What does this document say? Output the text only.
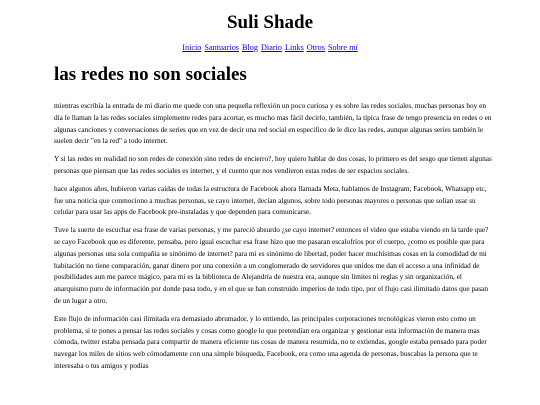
Suli Shade
Inicio Santuarios Blog Diario Links Otros Sobre mí
las redes no son sociales

mientras escribía la entrada de mi diario me quede con una pequeña reflexión un poco curiosa y es sobre las redes sociales, muchas personas hoy en día le llaman la las redes sociales simplemente redes para acortar, es mucho mas fácil decirlo, también, la típica frase de tengo presencia en redes o en algunas canciones y conversaciones de series que en vez de decir una red social en especifico de le dice las redes, aunque algunas series también le suelen decir "en la red" a todo internet.

Y si las redes en realidad no son redes de conexión sino redes de encierro?, hoy quiero hablar de dos cosas, lo primero es del sesgo que tienen algunas personas que piensan que las redes sociales es internet, y el cuento que nos vendieron estas redes de ser espacios sociales.

hace algunos años, hubieron varias caídas de todas la estructura de Facebook ahora llamada Meta, hablamos de Instagram, Facebook, Whatsapp etc, fue una noticia que conmociono a muchas personas, se cayo internet, decían algunos, sobre todo personas mayores o personas que solían usar su celular para usar las apps de Facebook pre-instaladas y que dependen para comunicarse.

Tuve la suerte de escuchar esa frase de varias personas, y me pareció absurdo ¿se cayo internet? entonces el video que estaba viendo en la tarde que? se cayo Facebook que es diferente, pensaba, pero igual escuchar esa frase hizo que me pasaran escalofríos por el cuerpo, ¿como es posible que para algunas personas una sola compañía se sinónimo de internet? para mi es sinónimo de libertad, poder hacer muchísimas cosas en la comodidad de mi habitación no tiene comparación, ganar dinero por una conexión a un conglomerado de servidores que unidos me dan el acceso a una infinidad de posibilidades aun me parece mágico, para mi es la biblioteca de Alejandría de nuestra era, aunque sin limites ni reglas y sin organización, el anarquismo puro de información por donde pasa todo, y en el que se han construido imperios de todo tipo, por el flujo casi ilimitado datos que pasan de un lugar a otro.

Este flujo de información casi ilimitada era demasiado abrumador, y lo entiendo, las principales corporaciones tecnológicas vieron esto como un problema, si te pones a pensar las redes sociales y cosas como google lo que pretendían era organizar y gestionar esta información de manera mas cómoda, twitter estaba pensada para compartir de manera eficiente tus cosas de manera resumida, no te extiendas, google estaba pensado para poder navegar los miles de sitios web cómodamente con una simple búsqueda, Facebook, era como una agenda de personas, buscabas la persona que te interesaba o tus amigos y podías
